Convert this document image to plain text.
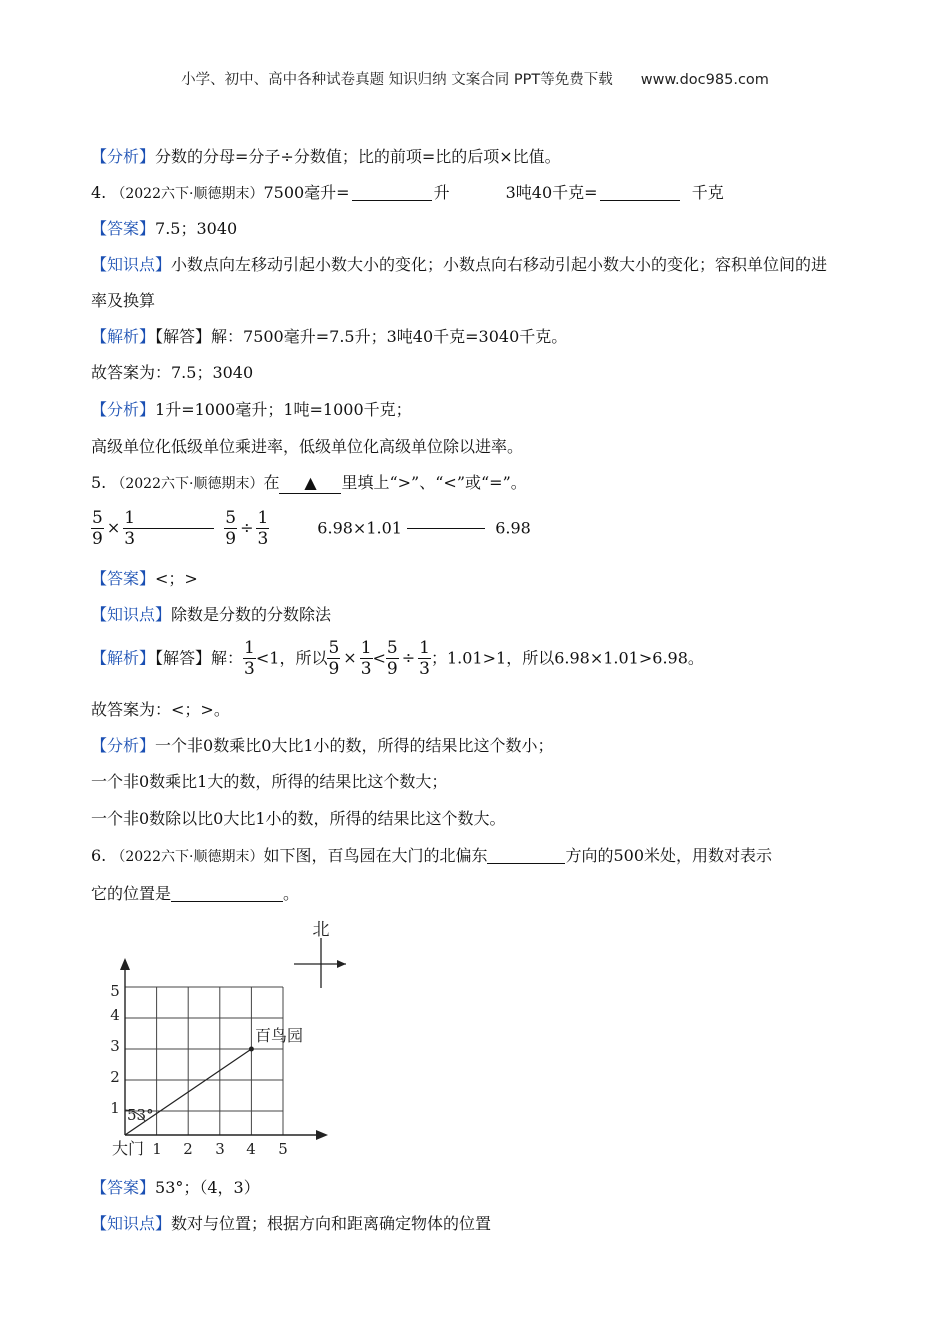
小学、初中、高中各种试卷真题 知识归纳 文案合同 PPT等免费下载 www.doc985.com
【分析】分数的分母=分子÷分数值；比的前项=比的后项×比值。
4. （2022六下·顺德期末）7500毫升=	升	3吨40千克=	千克
【答案】7.5；3040
【知识点】小数点向左移动引起小数大小的变化；小数点向右移动引起小数大小的变化；容积单位间的进
率及换算
【解析】【解答】解：7500毫升=7.5升；3吨40千克=3040千克。
故答案为：7.5；3040
【分析】1升=1000毫升；1吨=1000千克；
高级单位化低级单位乘进率，低级单位化高级单位除以进率。
5. （2022六下·顺德期末）在 ▲ 里填上“>”、“<”或“=”。
$\frac{5}{9} \times \frac{1}{3}$
	$\frac{5}{9} \div \frac{1}{3}$	6.98×1.01	6.98
【答案】<；>
【知识点】除数是分数的分数除法
【解析】【解答】解： $\frac{1}{3} <1$，所以 $\frac{5}{9} \times \frac{1}{3} < \frac{5}{9} \div \frac{1}{3}$ ；1.01>1，所以6.98×1.01>6.98。
故答案为：<；>。
【分析】一个非0数乘比0大比1小的数，所得的结果比这个数小；
一个非0数乘比1大的数，所得的结果比这个数大；
一个非0数除以比0大比1小的数，所得的结果比这个数大。
6. （2022六下·顺德期末）如下图，百鸟园在大门的北偏东	方向的500米处，用数对表示
它的位置是	。
北
53°
百鸟园
大门 1 2 3 4 5
1
2
3
4
5
【答案】53°；（4，3）
【知识点】数对与位置；根据方向和距离确定物体的位置
